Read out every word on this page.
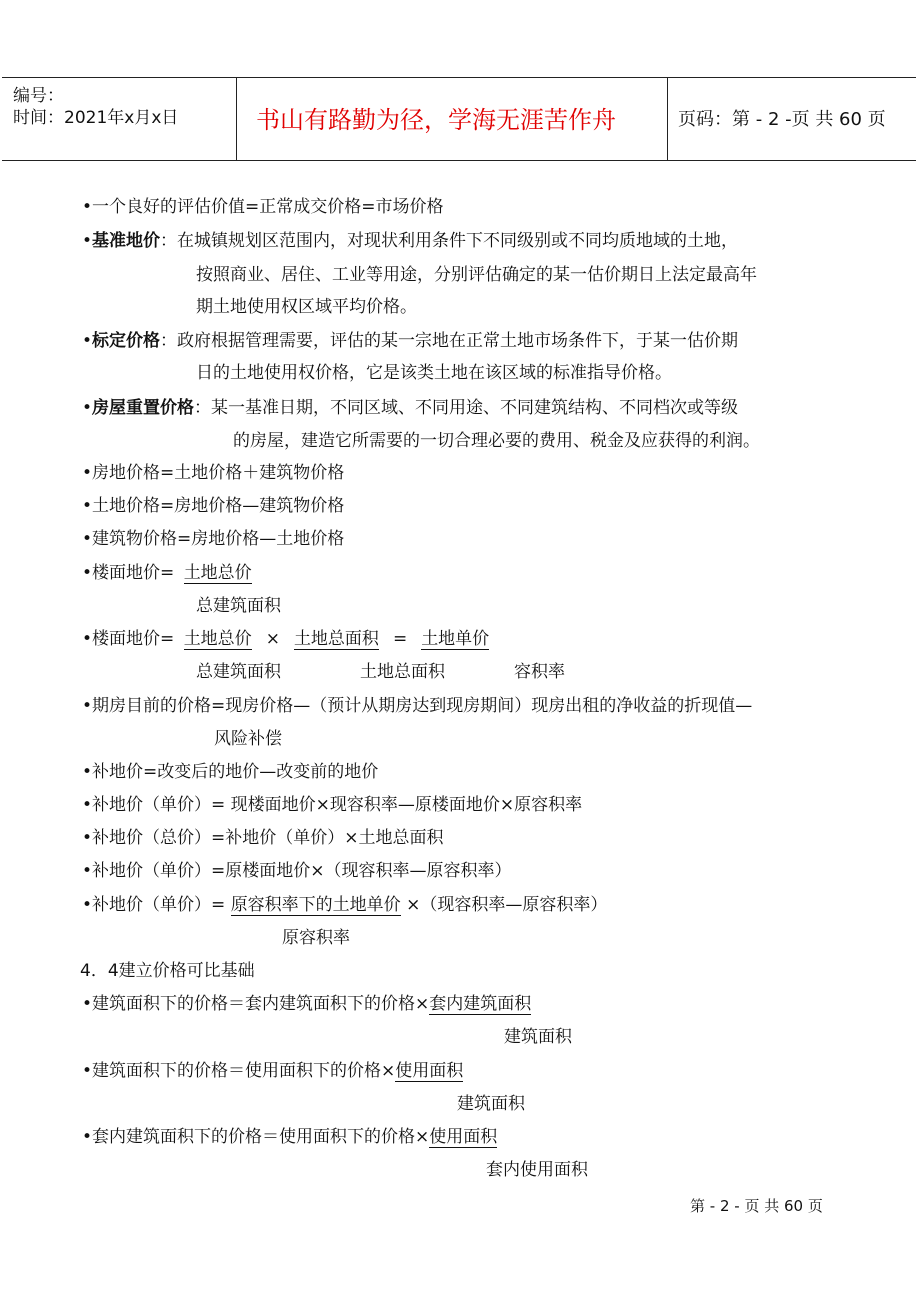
编号：
时间：2021年x月x日	书山有路勤为径，学海无涯苦作舟	页码：第 - 2 -页 共 60 页
•一个良好的评估价值=正常成交价格=市场价格
•基准地价：在城镇规划区范围内，对现状利用条件下不同级别或不同均质地域的土地，
按照商业、居住、工业等用途，分别评估确定的某一估价期日上法定最高年
期土地使用权区域平均价格。
•标定价格：政府根据管理需要，评估的某一宗地在正常土地市场条件下，于某一估价期
日的土地使用权价格，它是该类土地在该区域的标准指导价格。
•房屋重置价格：某一基准日期，不同区域、不同用途、不同建筑结构、不同档次或等级
的房屋，建造它所需要的一切合理必要的费用、税金及应获得的利润。
•房地价格=土地价格＋建筑物价格
•土地价格=房地价格—建筑物价格
•建筑物价格=房地价格—土地价格
•楼面地价= 土地总价
总建筑面积
•楼面地价= 土地总价×土地总面积=土地单价
总建筑面积	土地总面积	容积率
•期房目前的价格=现房价格—（预计从期房达到现房期间）现房出租的净收益的折现值—
风险补偿
•补地价=改变后的地价—改变前的地价
•补地价（单价）= 现楼面地价×现容积率—原楼面地价×原容积率
•补地价（总价）=补地价（单价）×土地总面积
•补地价（单价）=原楼面地价×（现容积率—原容积率）
•补地价（单价）= 原容积率下的土地单价 ×（现容积率—原容积率）
原容积率
4．4建立价格可比基础
•建筑面积下的价格＝套内建筑面积下的价格×套内建筑面积
建筑面积
•建筑面积下的价格＝使用面积下的价格×使用面积
建筑面积
•套内建筑面积下的价格＝使用面积下的价格×使用面积
套内使用面积
第 - 2 - 页 共 60 页
